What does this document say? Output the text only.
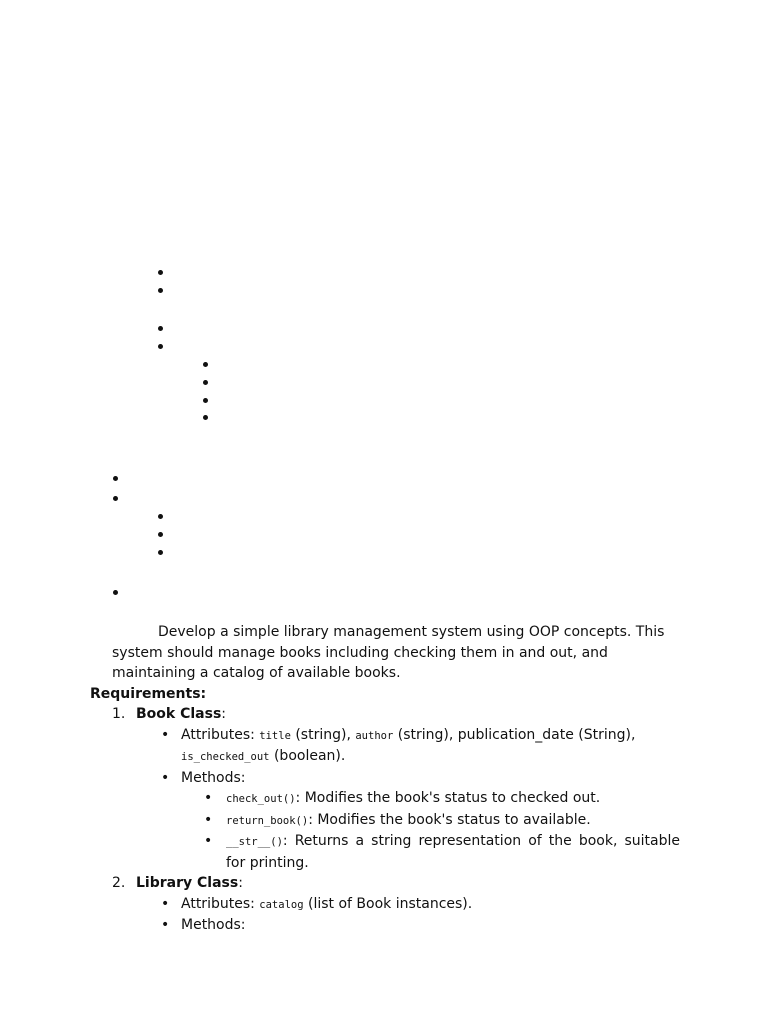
Develop a simple library management system using OOP concepts. This system should manage books including checking them in and out, and maintaining a catalog of available books.

Requirements:

1. Book Class:
• Attributes: title (string), author (string), publication_date (String), is_checked_out (boolean).
• Methods:
• check_out(): Modifies the book's status to checked out.
• return_book(): Modifies the book's status to available.
• __str__(): Returns a string representation of the book, suitable for printing.
2. Library Class:
• Attributes: catalog (list of Book instances).
• Methods:
